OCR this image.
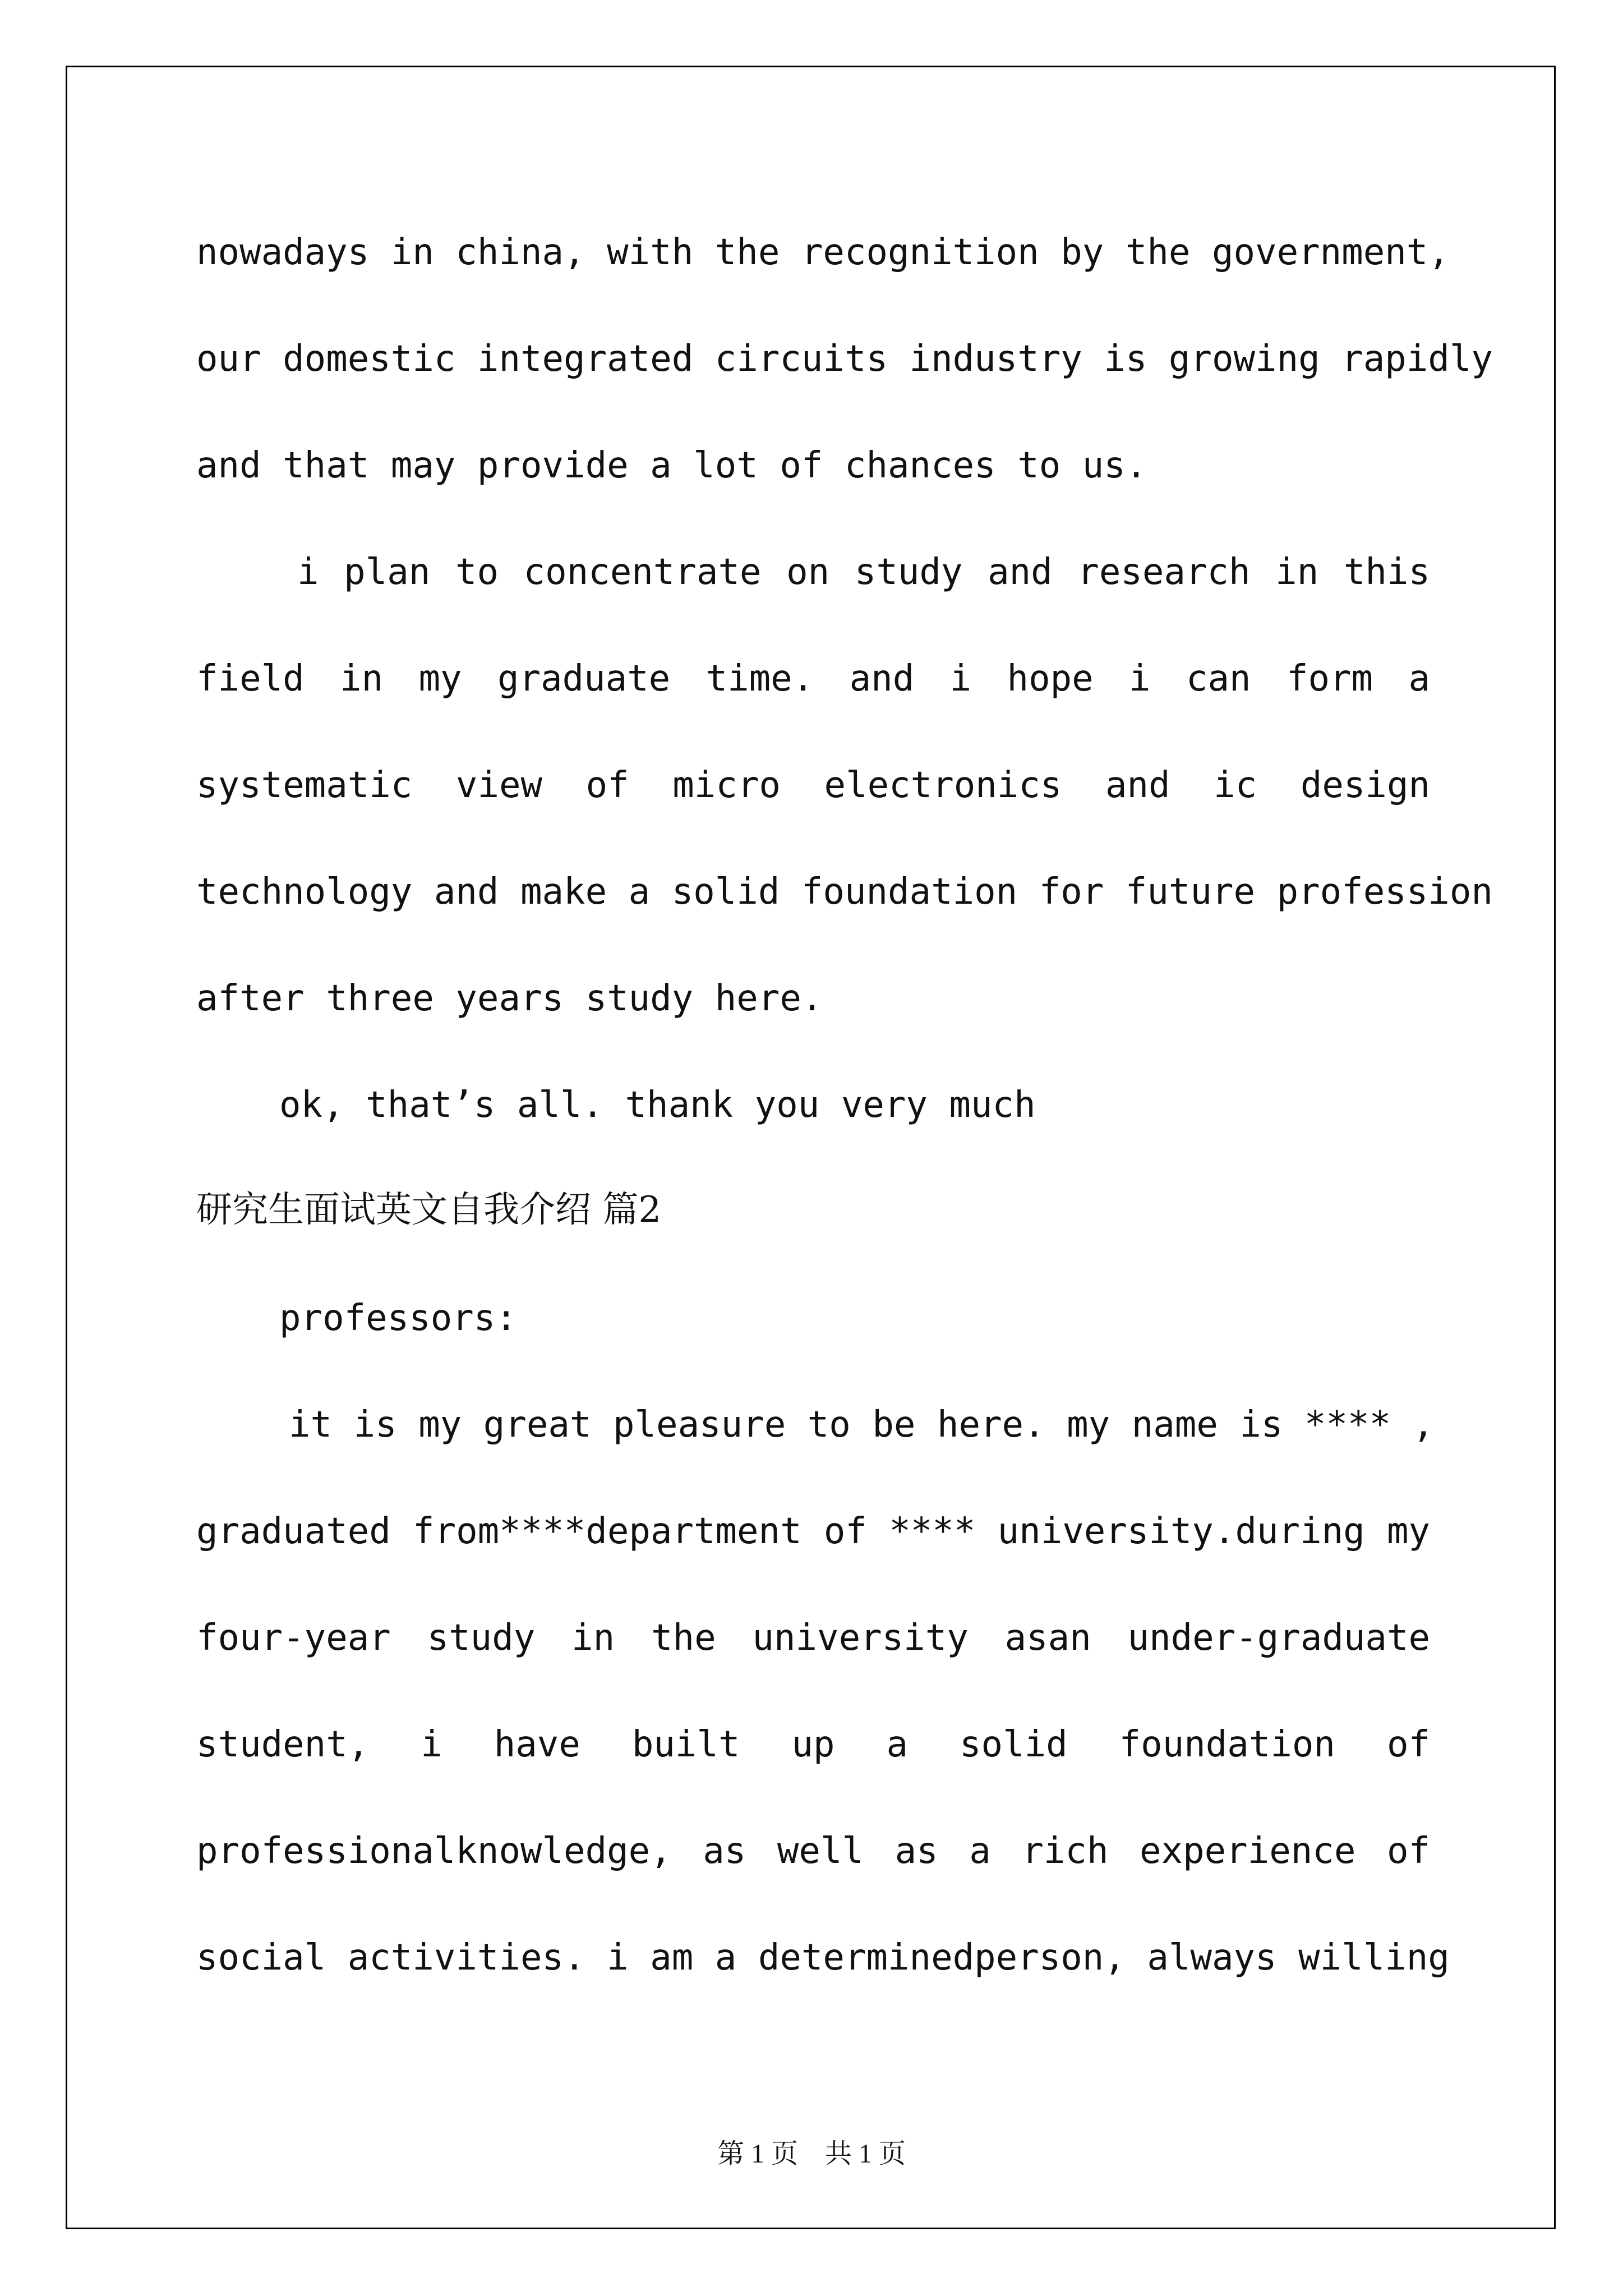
nowadays in china, with the recognition by the government,
our domestic integrated circuits industry is growing rapidly
and that may provide a lot of chances to us.
i plan to concentrate on study and research in this
field in my graduate time. and i hope i can form a
systematic view of micro electronics and ic design
technology and make a solid foundation for future profession
after three years study here.
ok, that’s all. thank you very much
研究生面试英文自我介绍 篇2
professors:
it is my great pleasure to be here. my name is **** ,
graduated from****department of **** university.during my
four-year study in the university asan under-graduate
student, i have built up a solid foundation of
professionalknowledge, as well as a rich experience of
social activities. i am a determinedperson, always willing
第 1 页　共 1 页
